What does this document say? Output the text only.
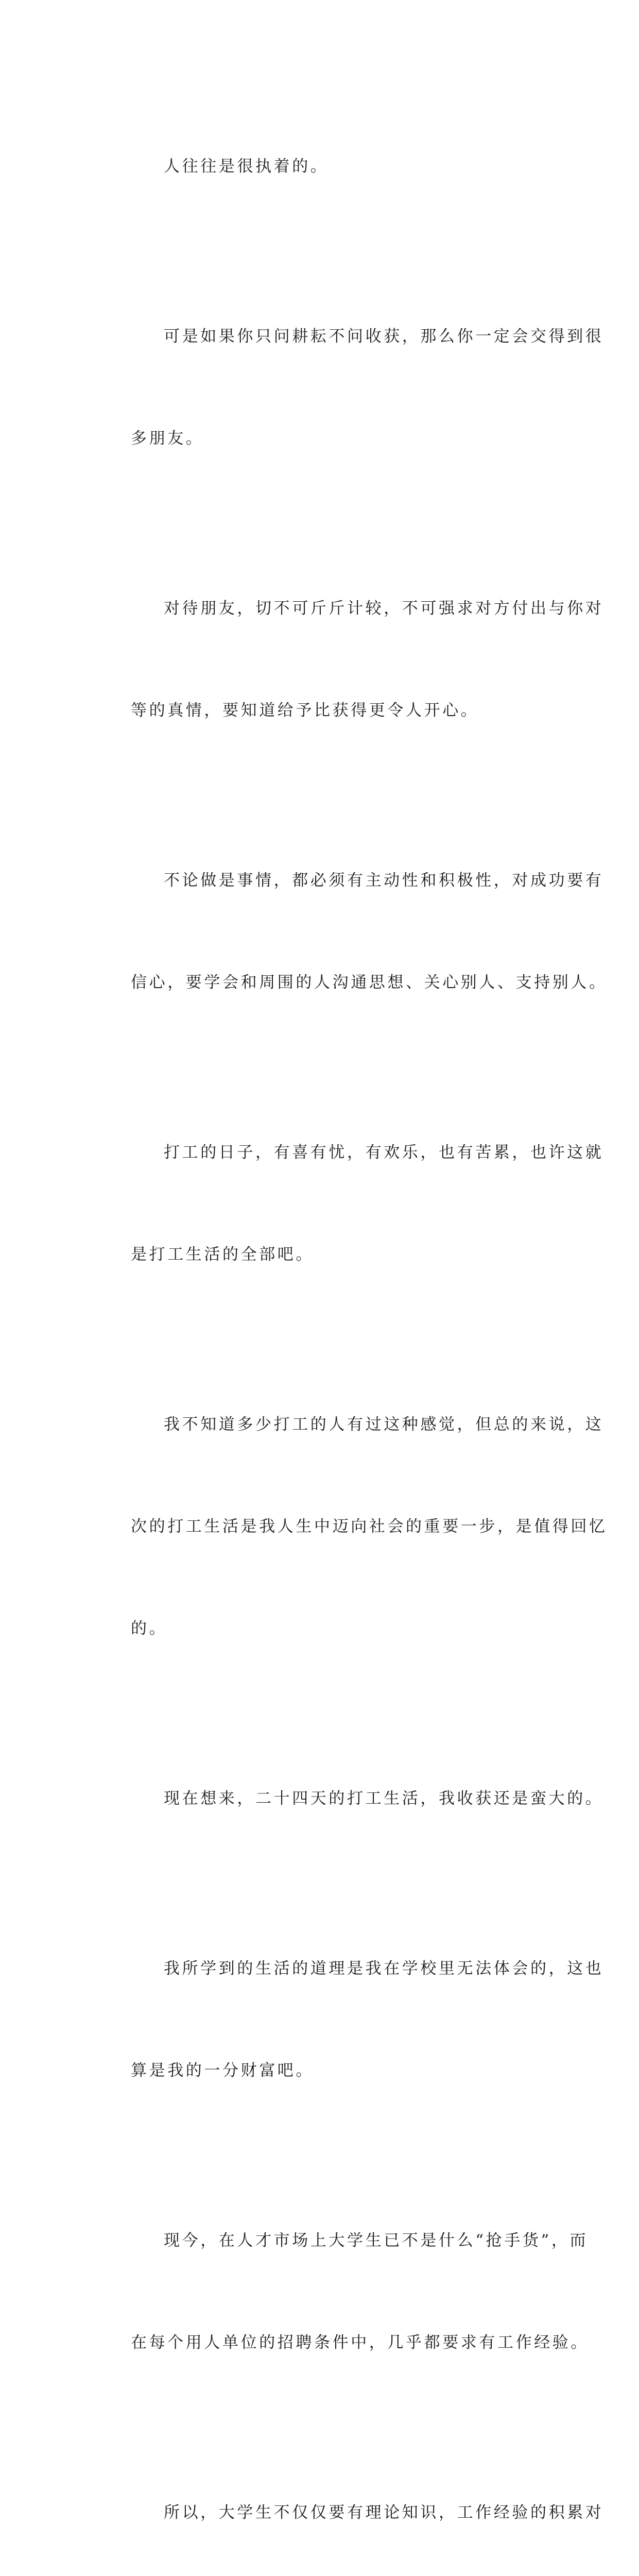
人往往是很执着的。

可是如果你只问耕耘不问收获，那么你一定会交得到很

多朋友。

对待朋友，切不可斤斤计较，不可强求对方付出与你对

等的真情，要知道给予比获得更令人开心。

不论做是事情，都必须有主动性和积极性，对成功要有

信心，要学会和周围的人沟通思想、关心别人、支持别人。

打工的日子，有喜有忧，有欢乐，也有苦累，也许这就

是打工生活的全部吧。

我不知道多少打工的人有过这种感觉，但总的来说，这

次的打工生活是我人生中迈向社会的重要一步，是值得回忆

的。

现在想来，二十四天的打工生活，我收获还是蛮大的。

我所学到的生活的道理是我在学校里无法体会的，这也

算是我的一分财富吧。

现今，在人才市场上大学生已不是什么“抢手货”，而

在每个用人单位的招聘条件中，几乎都要求有工作经验。

所以，大学生不仅仅要有理论知识，工作经验的积累对
